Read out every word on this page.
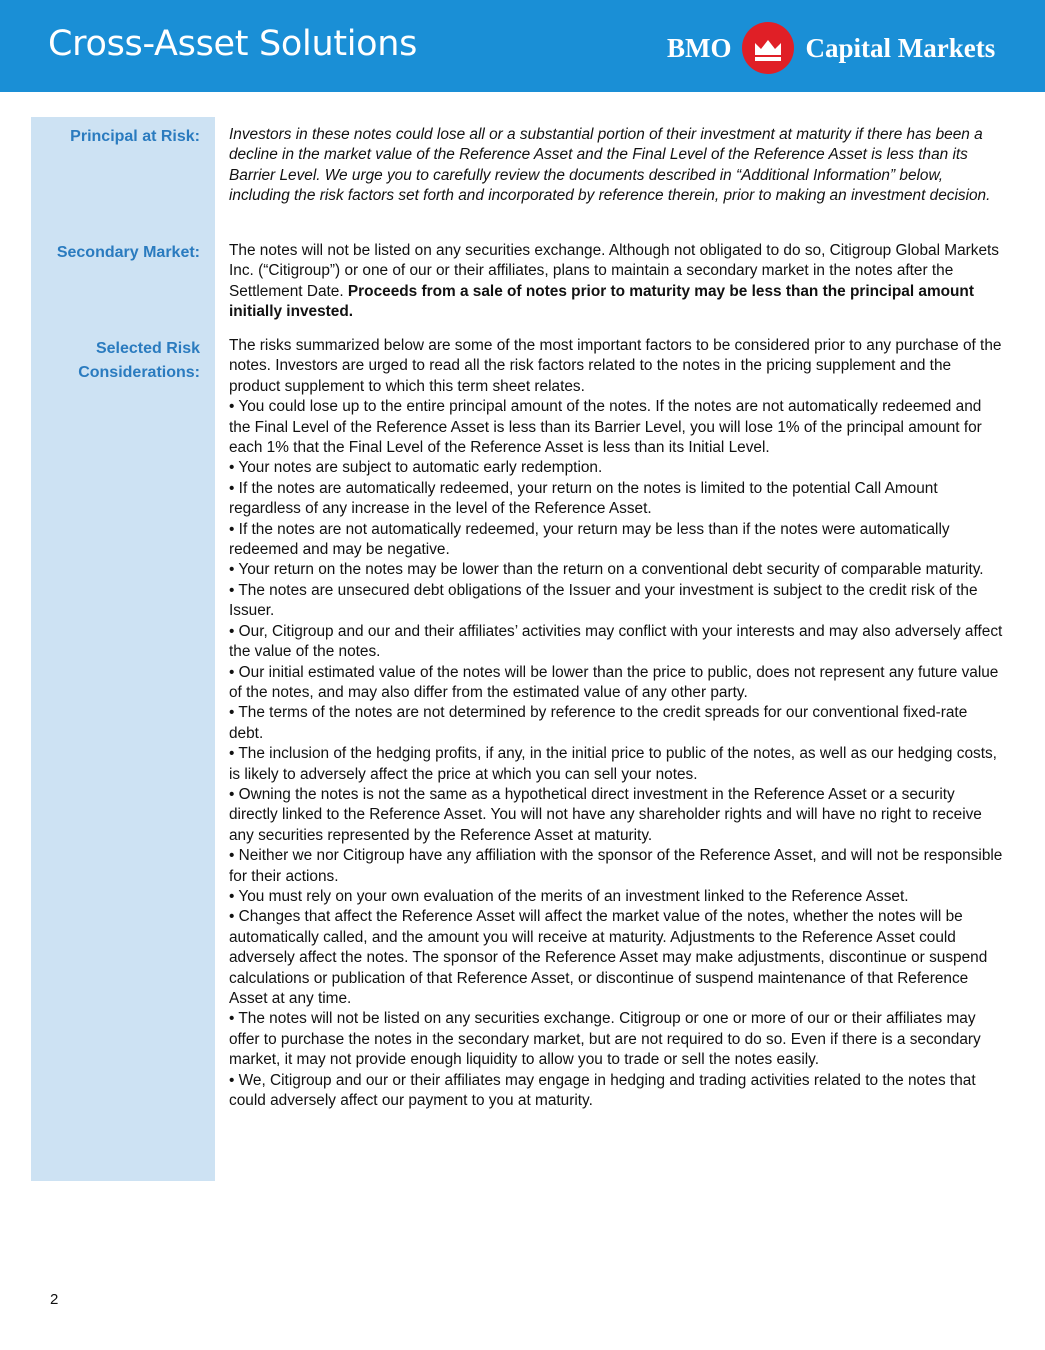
Cross-Asset Solutions	BMO	Capital Markets
Principal at Risk: Investors in these notes could lose all or a substantial portion of their investment at maturity if there has been a decline in the market value of the Reference Asset and the Final Level of the Reference Asset is less than its Barrier Level. We urge you to carefully review the documents described in “Additional Information” below, including the risk factors set forth and incorporated by reference therein, prior to making an investment decision.
Secondary Market: The notes will not be listed on any securities exchange. Although not obligated to do so, Citigroup Global Markets Inc. (“Citigroup”) or one of our or their affiliates, plans to maintain a secondary market in the notes after the Settlement Date. Proceeds from a sale of notes prior to maturity may be less than the principal amount initially invested.
Selected Risk
Considerations:

The risks summarized below are some of the most important factors to be considered prior to any purchase of the notes. Investors are urged to read all the risk factors related to the notes in the pricing supplement and the product supplement to which this term sheet relates.

• You could lose up to the entire principal amount of the notes. If the notes are not automatically redeemed and the Final Level of the Reference Asset is less than its Barrier Level, you will lose 1% of the principal amount for each 1% that the Final Level of the Reference Asset is less than its Initial Level.

• Your notes are subject to automatic early redemption.

• If the notes are automatically redeemed, your return on the notes is limited to the potential Call Amount regardless of any increase in the level of the Reference Asset.

• If the notes are not automatically redeemed, your return may be less than if the notes were automatically redeemed and may be negative.

• Your return on the notes may be lower than the return on a conventional debt security of comparable maturity.

• The notes are unsecured debt obligations of the Issuer and your investment is subject to the credit risk of the Issuer.

• Our, Citigroup and our and their affiliates’ activities may conflict with your interests and may also adversely affect the value of the notes.

• Our initial estimated value of the notes will be lower than the price to public, does not represent any future value of the notes, and may also differ from the estimated value of any other party.

• The terms of the notes are not determined by reference to the credit spreads for our conventional fixed-rate debt.

• The inclusion of the hedging profits, if any, in the initial price to public of the notes, as well as our hedging costs, is likely to adversely affect the price at which you can sell your notes.

• Owning the notes is not the same as a hypothetical direct investment in the Reference Asset or a security directly linked to the Reference Asset. You will not have any shareholder rights and will have no right to receive any securities represented by the Reference Asset at maturity.

• Neither we nor Citigroup have any affiliation with the sponsor of the Reference Asset, and will not be responsible for their actions.

• You must rely on your own evaluation of the merits of an investment linked to the Reference Asset.

• Changes that affect the Reference Asset will affect the market value of the notes, whether the notes will be automatically called, and the amount you will receive at maturity. Adjustments to the Reference Asset could adversely affect the notes. The sponsor of the Reference Asset may make adjustments, discontinue or suspend calculations or publication of that Reference Asset, or discontinue of suspend maintenance of that Reference Asset at any time.

• The notes will not be listed on any securities exchange. Citigroup or one or more of our or their affiliates may offer to purchase the notes in the secondary market, but are not required to do so. Even if there is a secondary market, it may not provide enough liquidity to allow you to trade or sell the notes easily.

• We, Citigroup and our or their affiliates may engage in hedging and trading activities related to the notes that could adversely affect our payment to you at maturity.

2
